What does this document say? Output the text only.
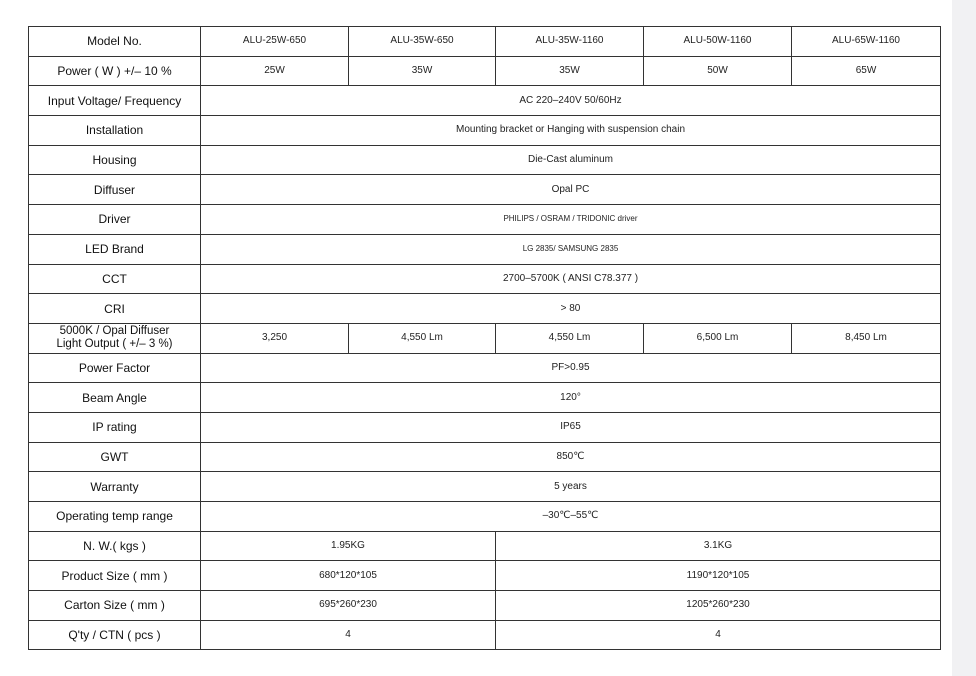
Model No.	ALU-25W-650	ALU-35W-650	ALU-35W-1160	ALU-50W-1160	ALU-65W-1160
Power ( W ) +/– 10 %	25W	35W	35W	50W	65W
Input Voltage/ Frequency	AC 220–240V 50/60Hz				
Installation	Mounting bracket or Hanging with suspension chain				
Housing	Die-Cast aluminum				
Diffuser	Opal PC				
Driver	PHILIPS / OSRAM / TRIDONIC driver				
LED Brand	LG 2835/ SAMSUNG 2835				
CCT	2700–5700K ( ANSI C78.377 )				
CRI	> 80				
5000K / Opal Diffuser
Light Output ( +/– 3 %)	3,250	4,550 Lm	4,550 Lm	6,500 Lm	8,450 Lm
Power Factor	PF>0.95				
Beam Angle	120°				
IP rating	IP65				
GWT	850℃				
Warranty	5 years				
Operating temp range	–30℃–55℃				
N. W.( kgs )	1.95KG		3.1KG		
Product Size ( mm )	680*120*105		1190*120*105		
Carton Size ( mm )	695*260*230		1205*260*230		
Q'ty / CTN ( pcs )	4		4		
